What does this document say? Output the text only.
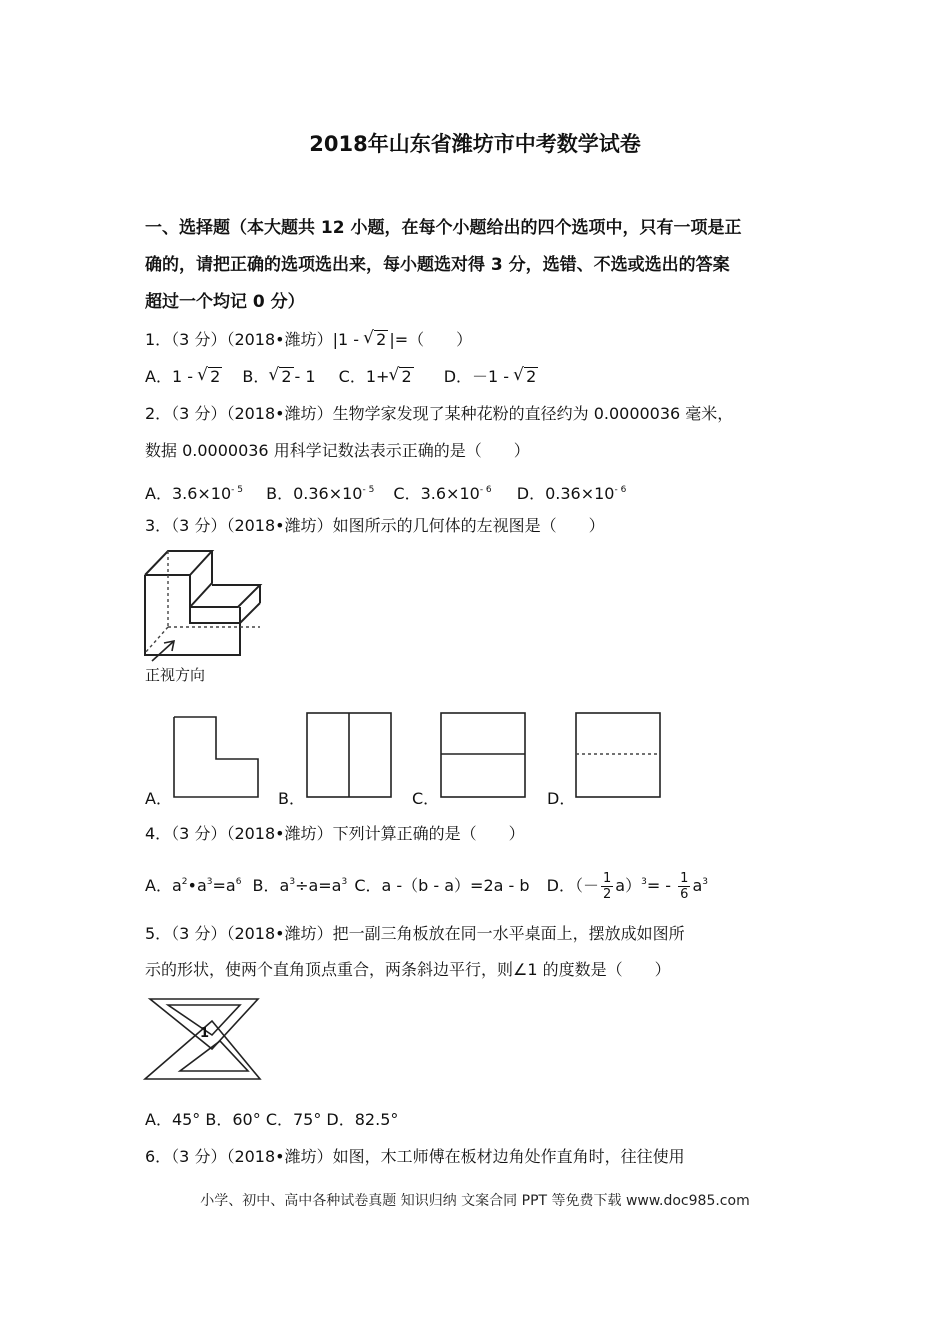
2018年山东省潍坊市中考数学试卷
一、选择题（本大题共 12 小题，在每个小题给出的四个选项中，只有一项是正
确的，请把正确的选项选出来，每小题选对得 3 分，选错、不选或选出的答案
超过一个均记 0 分）
1．（3 分）（2018•潍坊）|1 - √ 2 |=（　　）
A．1 - √ 2 B． √ 2 - 1 C．1+ √ 2 D．－1 - √ 2
2．（3 分）（2018•潍坊）生物学家发现了某种花粉的直径约为 0.0000036 毫米，
数据 0.0000036 用科学记数法表示正确的是（　　）
A．$3.6\times 10^{- 5}$ B．$0.36\times 10^{- 5}$ C．$3.6\times 10^{- 6}$ D．$0.36\times 10^{- 6}$
3．（3 分）（2018•潍坊）如图所示的几何体的左视图是（　　）
正视方向
A．	B．	C．	D．
4．（3 分）（2018•潍坊）下列计算正确的是（　　）
A．$a^2•a^3=a^6$ B．$a^3\div a=a^3$ C．a -（b - a）=2a - b D．（－ $\frac{1}{2} a)^3= - \frac{1}{6} a^3$
5．（3 分）（2018•潍坊）把一副三角板放在同一水平桌面上，摆放成如图所
示的形状，使两个直角顶点重合，两条斜边平行，则∠1 的度数是（　　）
1
A．45° B．60° C．75° D．82.5°
6．（3 分）（2018•潍坊）如图，木工师傅在板材边角处作直角时，往往使用
小学、初中、高中各种试卷真题 知识归纳 文案合同 PPT 等免费下载 www.doc985.com
